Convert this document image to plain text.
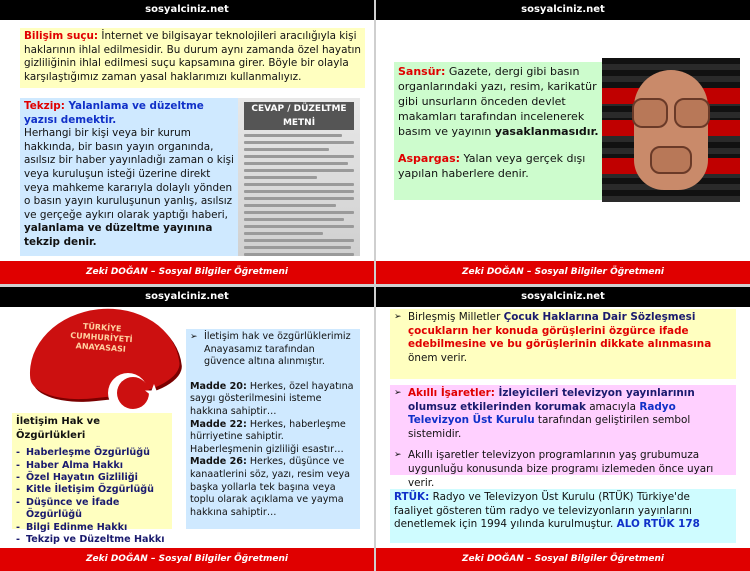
sosyalciniz.net
Bilişim suçu: İnternet ve bilgisayar teknolojileri aracılığıyla kişi haklarının ihlal edilmesidir. Bu durum aynı zamanda özel hayatın gizliliğinin ihlal edilmesi suçu kapsamına girer. Böyle bir olayla karşılaştığımız zaman yasal haklarımızı kullanmalıyız.
Tekzip: Yalanlama ve düzeltme yazısı demektir.
Herhangi bir kişi veya bir kurum hakkında, bir basın yayın organında, asılsız bir haber yayınladığı zaman o kişi veya kuruluşun isteği üzerine direkt veya mahkeme kararıyla dolaylı yönden o basın yayın kuruluşunun yanlış, asılsız ve gerçeğe aykırı olarak yaptığı haberi, yalanlama ve düzeltme yayınına tekzip denir.
CEVAP / DÜZELTME METNİ
Zeki DOĞAN – Sosyal Bilgiler Öğretmeni
sosyalciniz.net
Sansür: Gazete, dergi gibi basın organlarındaki yazı, resim, karikatür gibi unsurların önceden devlet makamları tarafından incelenerek basım ve yayının yasaklanmasıdır.
Aspargas: Yalan veya gerçek dışı yapılan haberlere denir.
Zeki DOĞAN – Sosyal Bilgiler Öğretmeni
sosyalciniz.net
TÜRKİYE CUMHURİYETİ ANAYASASI
İletişim Hak ve Özgürlükleri
- Haberleşme Özgürlüğü
- Haber Alma Hakkı
- Özel Hayatın Gizliliği
- Kitle İletişim Özgürlüğü
- Düşünce ve İfade Özgürlüğü
- Bilgi Edinme Hakkı
- Tekzip ve Düzeltme Hakkı
➢ İletişim hak ve özgürlüklerimiz Anayasamız tarafından güvence altına alınmıştır.
Madde 20: Herkes, özel hayatına saygı gösterilmesini isteme hakkına sahiptir…
Madde 22: Herkes, haberleşme hürriyetine sahiptir. Haberleşmenin gizliliği esastır…
Madde 26: Herkes, düşünce ve kanaatlerini söz, yazı, resim veya başka yollarla tek başına veya toplu olarak açıklama ve yayma hakkına sahiptir…
Zeki DOĞAN – Sosyal Bilgiler Öğretmeni
sosyalciniz.net
➢ Birleşmiş Milletler Çocuk Haklarına Dair Sözleşmesi çocukların her konuda görüşlerini özgürce ifade edebilmesine ve bu görüşlerinin dikkate alınmasına önem verir.
➢ Akıllı İşaretler: İzleyicileri televizyon yayınlarının olumsuz etkilerinden korumak amacıyla Radyo Televizyon Üst Kurulu tarafından geliştirilen sembol sistemidir.
➢ Akıllı işaretler televizyon programlarının yaş grubumuza uygunluğu konusunda bize programı izlemeden önce uyarı verir.
RTÜK: Radyo ve Televizyon Üst Kurulu (RTÜK) Türkiye'de faaliyet gösteren tüm radyo ve televizyonların yayınlarını denetlemek için 1994 yılında kurulmuştur. ALO RTÜK 178
Zeki DOĞAN – Sosyal Bilgiler Öğretmeni
